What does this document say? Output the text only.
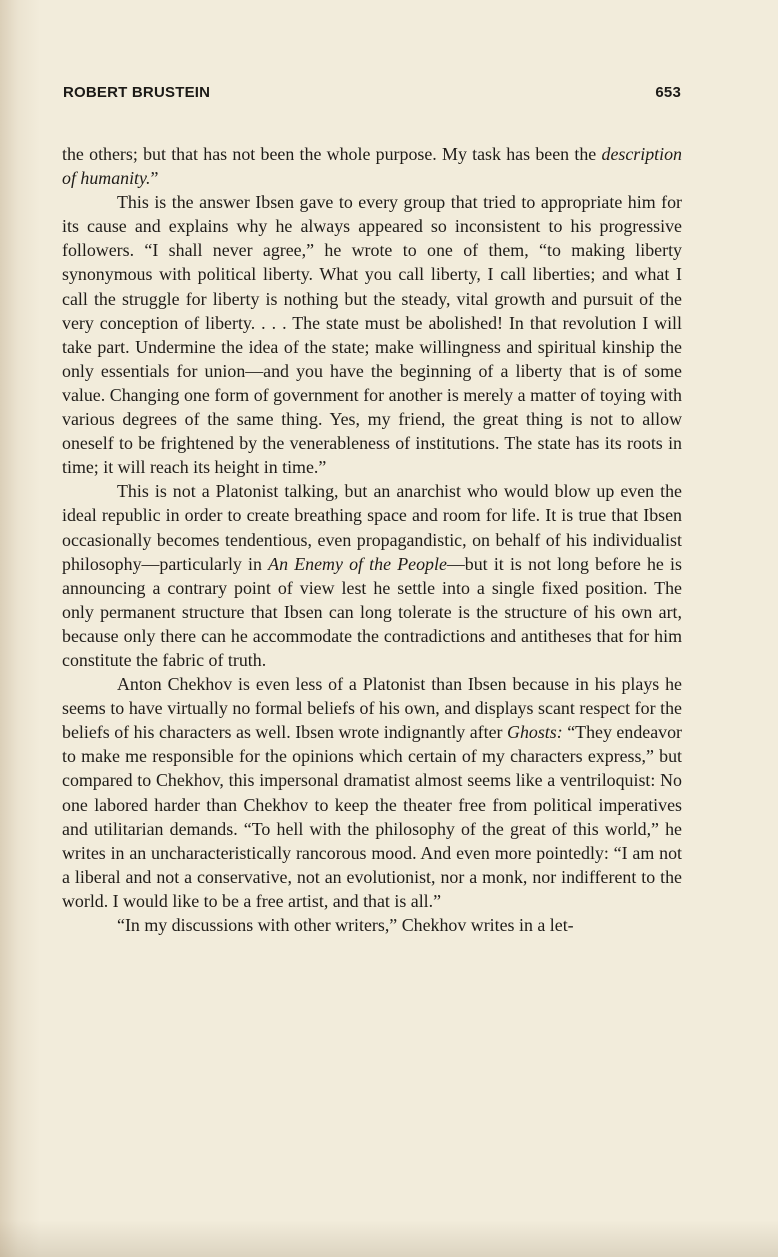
ROBERT BRUSTEIN	653

the others; but that has not been the whole purpose. My task has been the description of humanity.”

This is the answer Ibsen gave to every group that tried to appropriate him for its cause and explains why he always appeared so inconsistent to his progressive followers. “I shall never agree,” he wrote to one of them, “to making liberty synonymous with political liberty. What you call liberty, I call liberties; and what I call the struggle for liberty is nothing but the steady, vital growth and pursuit of the very conception of liberty. . . . The state must be abolished! In that revolution I will take part. Undermine the idea of the state; make willingness and spiritual kinship the only essentials for union—and you have the beginning of a liberty that is of some value. Changing one form of government for another is merely a matter of toying with various degrees of the same thing. Yes, my friend, the great thing is not to allow oneself to be frightened by the venerableness of institutions. The state has its roots in time; it will reach its height in time.”

This is not a Platonist talking, but an anarchist who would blow up even the ideal republic in order to create breathing space and room for life. It is true that Ibsen occasionally becomes tendentious, even propagandistic, on behalf of his individualist philosophy—particularly in An Enemy of the People—but it is not long before he is announcing a contrary point of view lest he settle into a single fixed position. The only permanent structure that Ibsen can long tolerate is the structure of his own art, because only there can he accommodate the contradictions and antitheses that for him constitute the fabric of truth.

Anton Chekhov is even less of a Platonist than Ibsen because in his plays he seems to have virtually no formal beliefs of his own, and displays scant respect for the beliefs of his characters as well. Ibsen wrote indignantly after Ghosts: “They endeavor to make me responsible for the opinions which certain of my characters express,” but compared to Chekhov, this impersonal dramatist almost seems like a ventriloquist: No one labored harder than Chekhov to keep the theater free from political imperatives and utilitarian demands. “To hell with the philosophy of the great of this world,” he writes in an uncharacteristically rancorous mood. And even more pointedly: “I am not a liberal and not a conservative, not an evolutionist, nor a monk, nor indifferent to the world. I would like to be a free artist, and that is all.”

“In my discussions with other writers,” Chekhov writes in a let-
